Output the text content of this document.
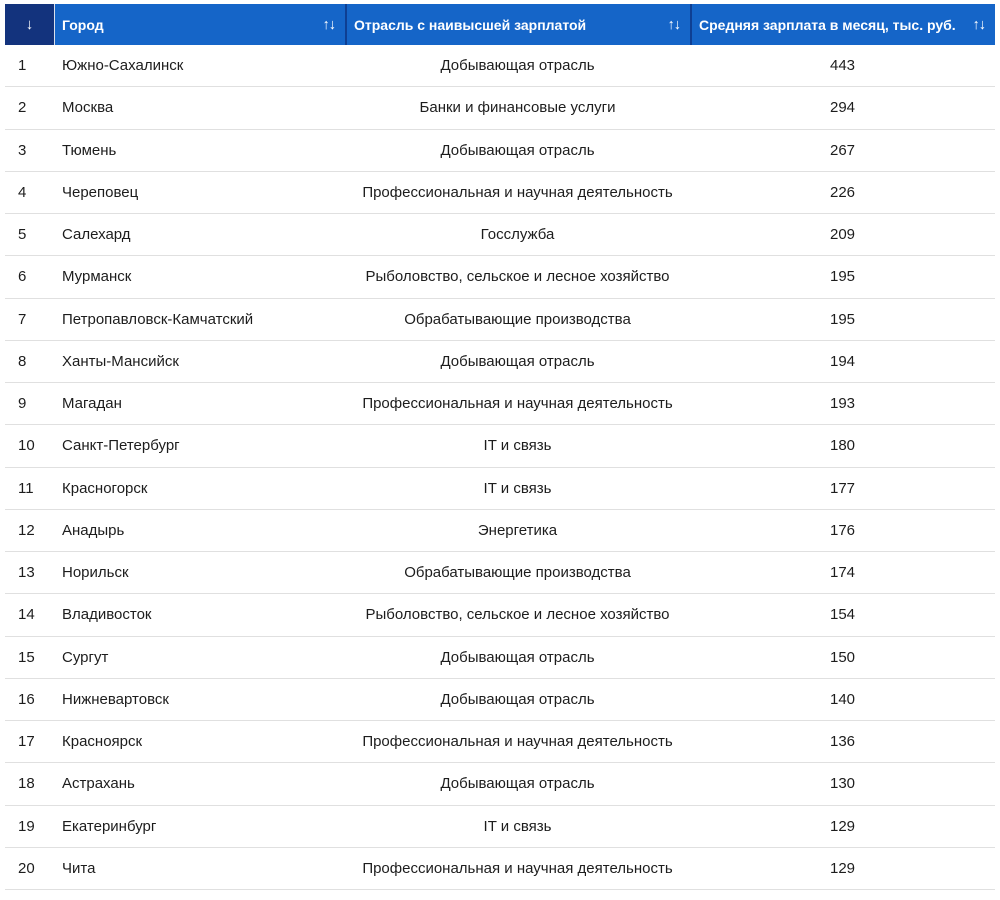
↓ Город	↑↓ Отрасль с наивысшей зарплатой	↑↓ Средняя зарплата в месяц, тыс. руб.	↑↓
1	Южно-Сахалинск	Добывающая отрасль	443
2	Москва	Банки и финансовые услуги	294
3	Тюмень	Добывающая отрасль	267
4	Череповец	Профессиональная и научная деятельность	226
5	Салехард	Госслужба	209
6	Мурманск	Рыболовство, сельское и лесное хозяйство	195
7	Петропавловск-Камчатский	Обрабатывающие производства	195
8	Ханты-Мансийск	Добывающая отрасль	194
9	Магадан	Профессиональная и научная деятельность	193
10	Санкт-Петербург	IT и связь	180
11	Красногорск	IT и связь	177
12	Анадырь	Энергетика	176
13	Норильск	Обрабатывающие производства	174
14	Владивосток	Рыболовство, сельское и лесное хозяйство	154
15	Сургут	Добывающая отрасль	150
16	Нижневартовск	Добывающая отрасль	140
17	Красноярск	Профессиональная и научная деятельность	136
18	Астрахань	Добывающая отрасль	130
19	Екатеринбург	IT и связь	129
20	Чита	Профессиональная и научная деятельность	129
